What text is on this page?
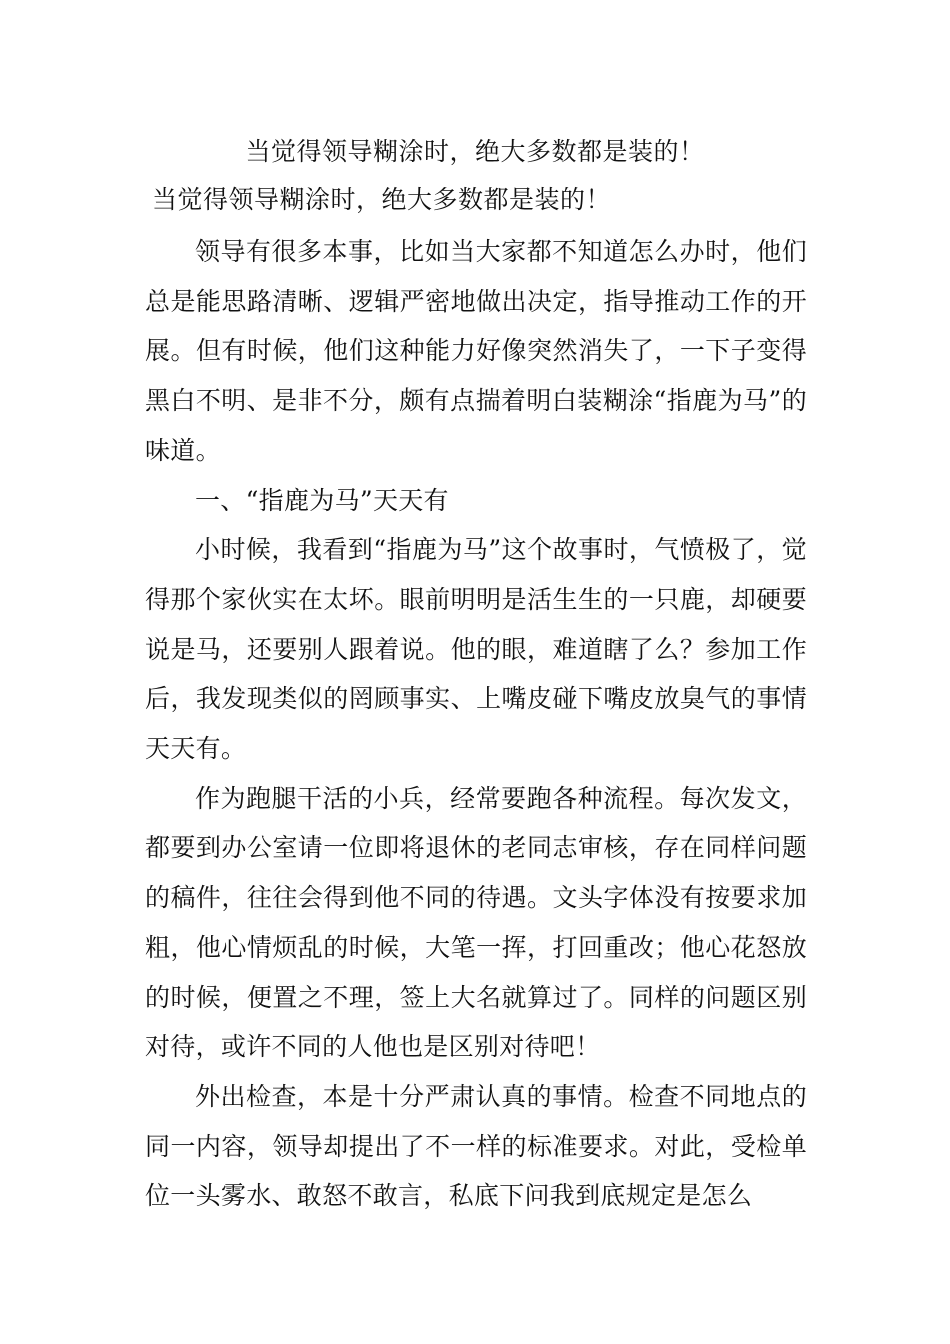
当觉得领导糊涂时，绝大多数都是装的！
当觉得领导糊涂时，绝大多数都是装的！

领导有很多本事，比如当大家都不知道怎么办时，他们总是能思路清晰、逻辑严密地做出决定，指导推动工作的开展。但有时候，他们这种能力好像突然消失了，一下子变得黑白不明、是非不分，颇有点揣着明白装糊涂“指鹿为马”的味道。

一、“指鹿为马”天天有

小时候，我看到“指鹿为马”这个故事时，气愤极了，觉得那个家伙实在太坏。眼前明明是活生生的一只鹿，却硬要说是马，还要别人跟着说。他的眼，难道瞎了么？参加工作后，我发现类似的罔顾事实、上嘴皮碰下嘴皮放臭气的事情天天有。

作为跑腿干活的小兵，经常要跑各种流程。每次发文，都要到办公室请一位即将退休的老同志审核，存在同样问题的稿件，往往会得到他不同的待遇。文头字体没有按要求加粗，他心情烦乱的时候，大笔一挥，打回重改；他心花怒放的时候，便置之不理，签上大名就算过了。同样的问题区别对待，或许不同的人他也是区别对待吧！

外出检查，本是十分严肃认真的事情。检查不同地点的同一内容，领导却提出了不一样的标准要求。对此，受检单位一头雾水、敢怒不敢言，私底下问我到底规定是怎么
